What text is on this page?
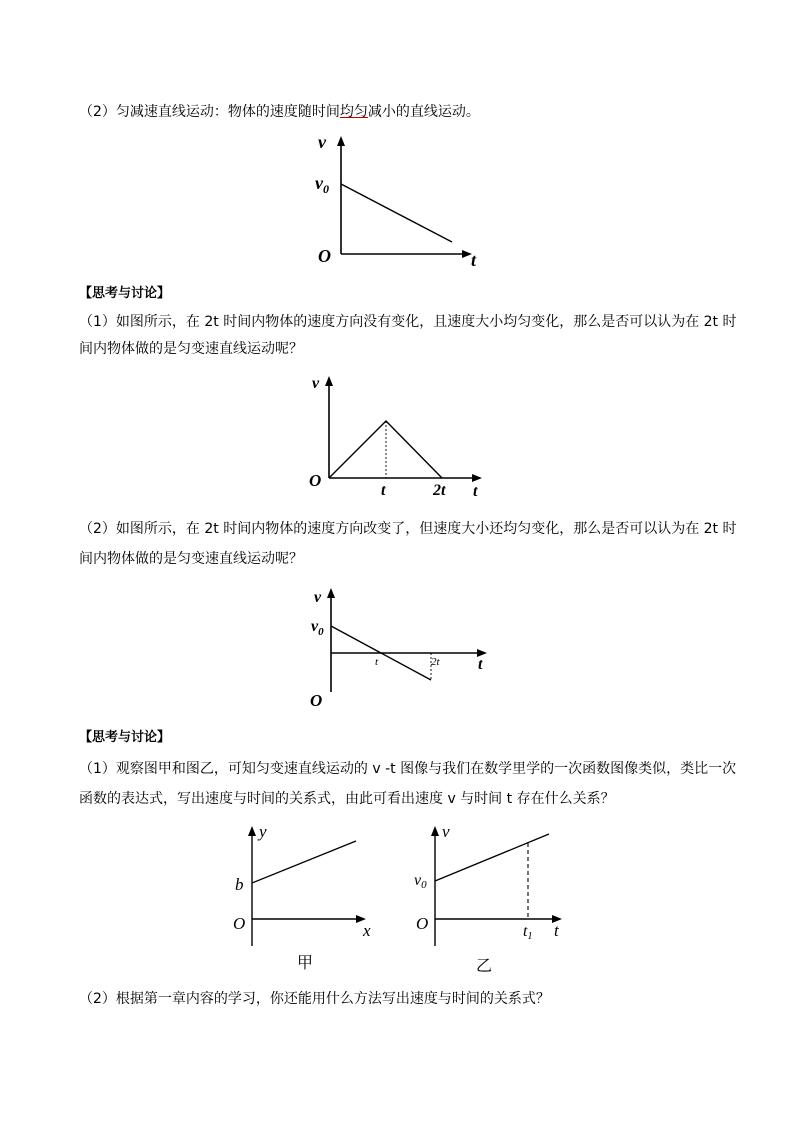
（2）匀减速直线运动：物体的速度随时间均匀减小的直线运动。
v
$v_0$
O	t
【思考与讨论】
（1）如图所示，在 2t 时间内物体的速度方向没有变化，且速度大小均匀变化，那么是否可以认为在 2t 时
间内物体做的是匀变速直线运动呢？
v
O
t	2t t
（2）如图所示，在 2t 时间内物体的速度方向改变了，但速度大小还均匀变化，那么是否可以认为在 2t 时
间内物体做的是匀变速直线运动呢？
v
$v_0$
O
t	2t t
【思考与讨论】
（1）观察图甲和图乙，可知匀变速直线运动的 v -t 图像与我们在数学里学的一次函数图像类似，类比一次
函数的表达式，写出速度与时间的关系式，由此可看出速度 v 与时间 t 存在什么关系？
y
b
O	x
甲
v
v0
O	t1 t
乙
（2）根据第一章内容的学习，你还能用什么方法写出速度与时间的关系式？
